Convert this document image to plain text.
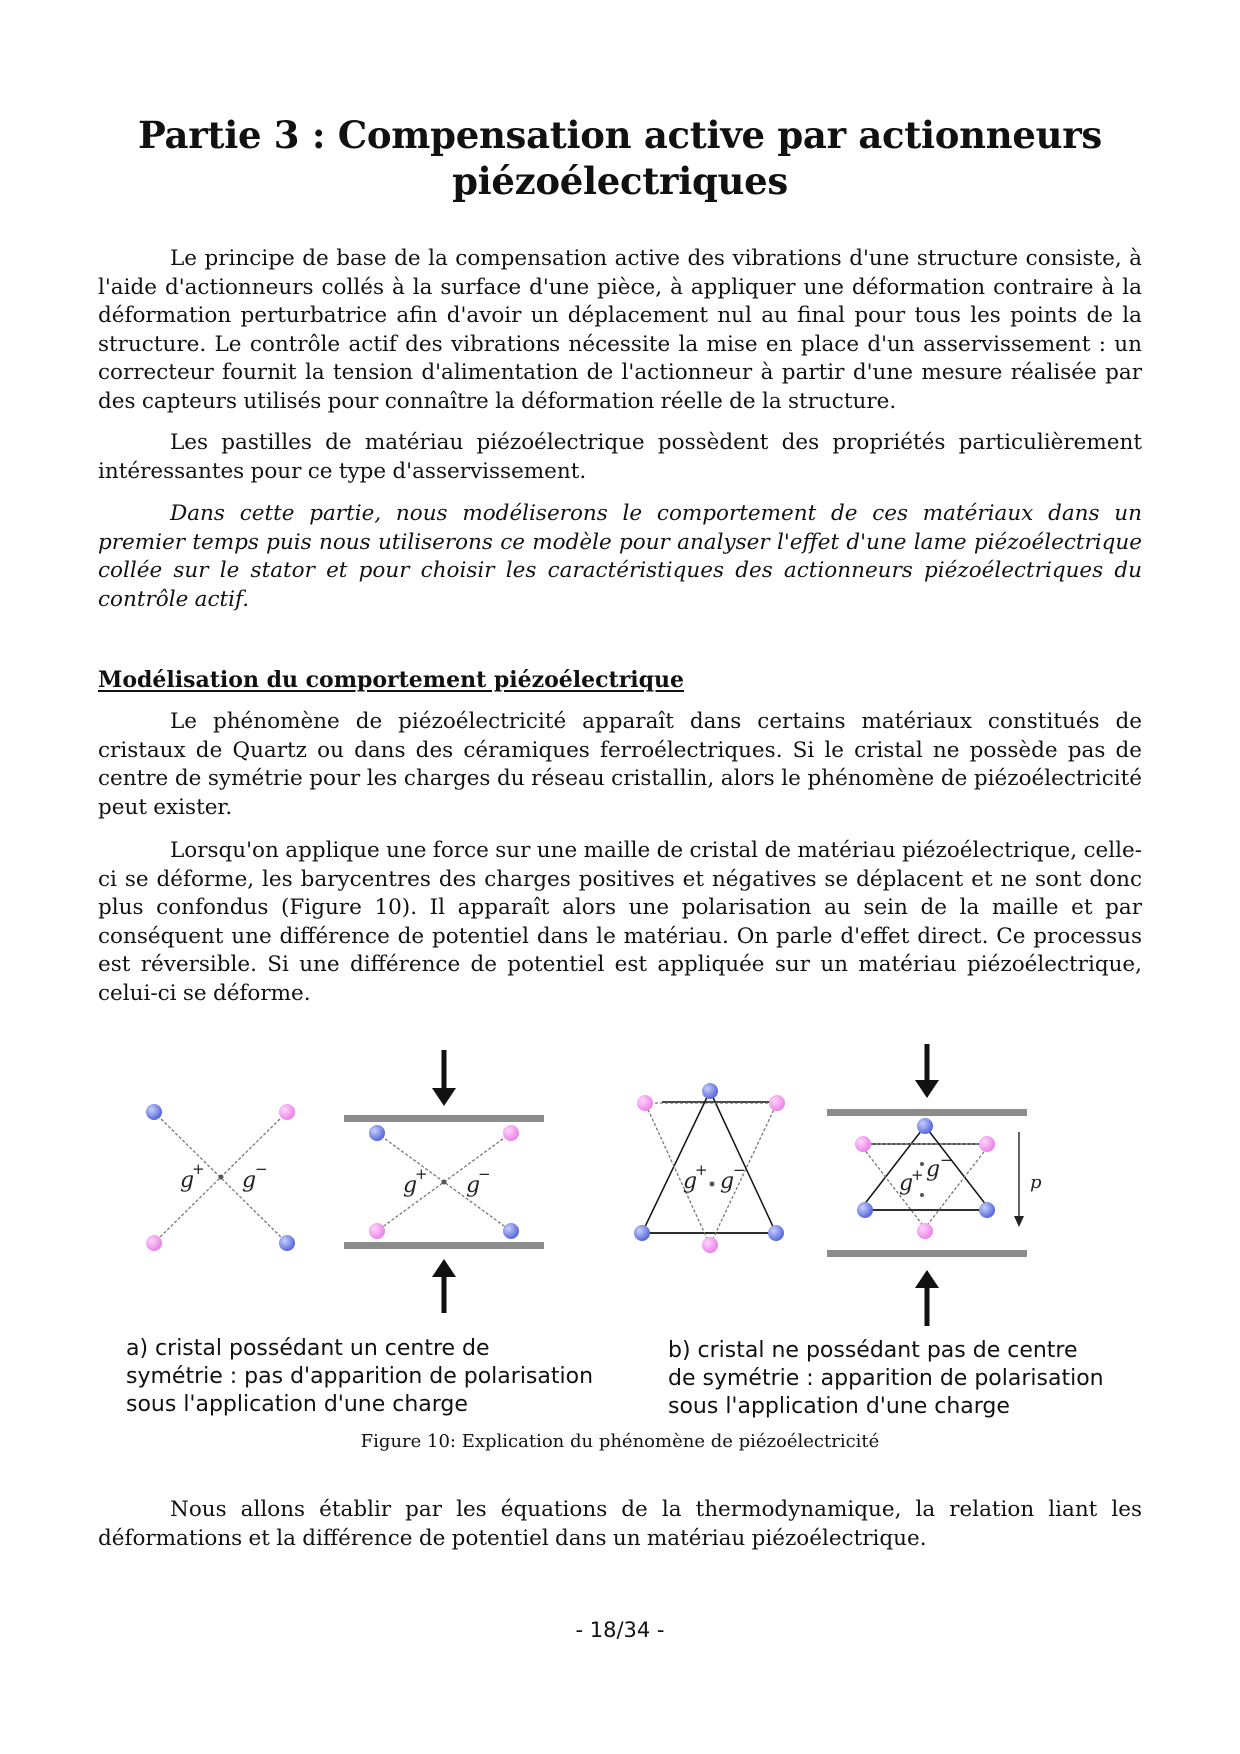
Partie 3 : Compensation active par actionneurs
piézoélectriques

Le principe de base de la compensation active des vibrations d'une structure consiste, à l'aide d'actionneurs collés à la surface d'une pièce, à appliquer une déformation contraire à la déformation perturbatrice afin d'avoir un déplacement nul au final pour tous les points de la structure. Le contrôle actif des vibrations nécessite la mise en place d'un asservissement : un correcteur fournit la tension d'alimentation de l'actionneur à partir d'une mesure réalisée par des capteurs utilisés pour connaître la déformation réelle de la structure.

Les pastilles de matériau piézoélectrique possèdent des propriétés particulièrement intéressantes pour ce type d'asservissement.

Dans cette partie, nous modéliserons le comportement de ces matériaux dans un premier temps puis nous utiliserons ce modèle pour analyser l'effet d'une lame piézoélectrique collée sur le stator et pour choisir les caractéristiques des actionneurs piézoélectriques du contrôle actif.

Modélisation du comportement piézoélectrique

Le phénomène de piézoélectricité apparaît dans certains matériaux constitués de cristaux de Quartz ou dans des céramiques ferroélectriques. Si le cristal ne possède pas de centre de symétrie pour les charges du réseau cristallin, alors le phénomène de piézoélectricité peut exister.

Lorsqu'on applique une force sur une maille de cristal de matériau piézoélectrique, celle-ci se déforme, les barycentres des charges positives et négatives se déplacent et ne sont donc plus confondus (Figure 10). Il apparaît alors une polarisation au sein de la maille et par conséquent une différence de potentiel dans le matériau. On parle d'effet direct. Ce processus est réversible. Si une différence de potentiel est appliquée sur un matériau piézoélectrique, celui-ci se déforme.

g
+ g
−
g
+ g
−	g
+ g
−
g
+ g −
p

a) cristal possédant un centre de
symétrie : pas d'apparition de polarisation
sous l'application d'une charge

b) cristal ne possédant pas de centre
de symétrie : apparition de polarisation
sous l'application d'une charge

Figure 10: Explication du phénomène de piézoélectricité

Nous allons établir par les équations de la thermodynamique, la relation liant les déformations et la différence de potentiel dans un matériau piézoélectrique.

- 18/34 -
